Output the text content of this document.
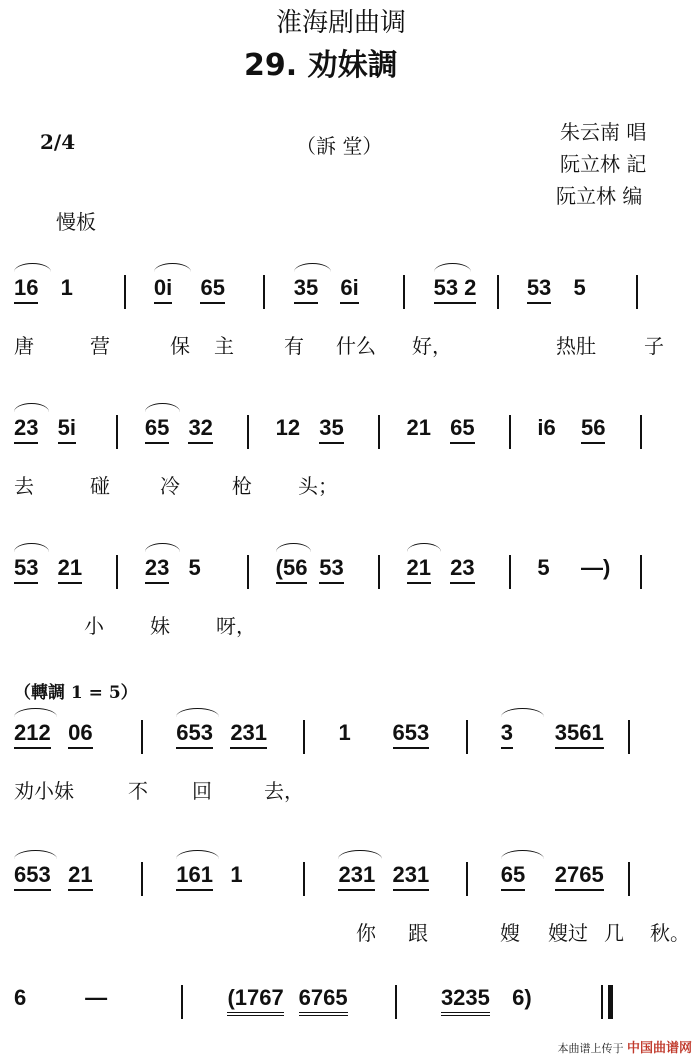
淮海剧曲调
29. 劝妹調
2/4	（訴 堂）
朱云南 唱
阮立林 記
阮立林 编
慢板
（轉調 1 = 5）
16 1	0i 65	35 6i	53 2 53 5
唐	营	保 主	有 什么 好，	热肚 子
23 5i	65 32	12 35	21 65	i6 56
去	碰	冷	枪 头；
53 21	23 5	(56 53	21 23	5 —)
小 妹 呀，
212 06	653 231	1 653	3 3561
劝小妹	不 回	去，
653 21	161 1	231 231	65 2765
你 跟	嫂 嫂过 几 秋。
6	—	(1767 6765	3235 6)
本曲谱上传于 中国曲谱网
